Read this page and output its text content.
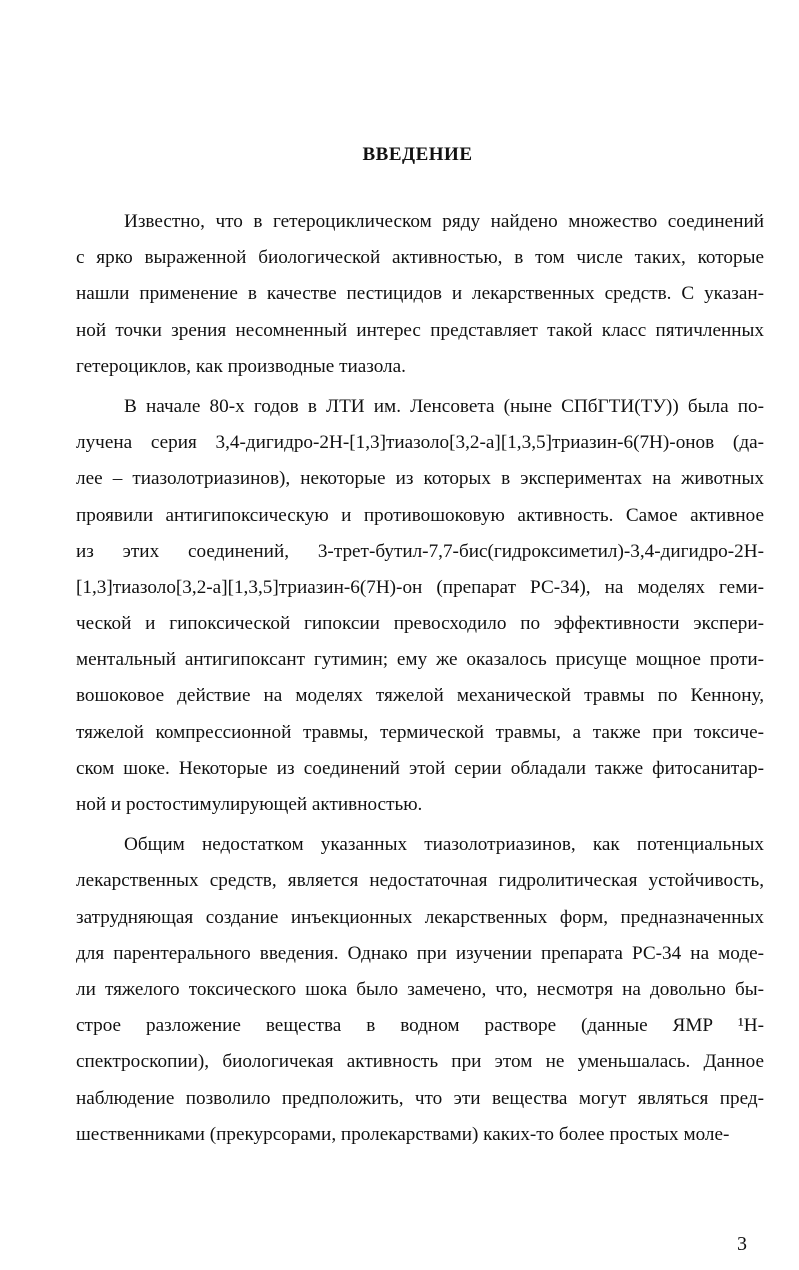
ВВЕДЕНИЕ
Известно, что в гетероциклическом ряду найдено множество соединений
с ярко выраженной биологической активностью, в том числе таких, которые
нашли применение в качестве пестицидов и лекарственных средств. С указан-
ной точки зрения несомненный интерес представляет такой класс пятичленных
гетероциклов, как производные тиазола.
В начале 80-х годов в ЛТИ им. Ленсовета (ныне СПбГТИ(ТУ)) была по-
лучена серия 3,4-дигидро-2H-[1,3]тиазоло[3,2-a][1,3,5]триазин-6(7H)-онов (да-
лее – тиазолотриазинов), некоторые из которых в экспериментах на животных
проявили антигипоксическую и противошоковую активность. Самое активное
из этих соединений, 3-трет-бутил-7,7-бис(гидроксиметил)-3,4-дигидро-2H-
[1,3]тиазоло[3,2-a][1,3,5]триазин-6(7H)-он (препарат РС-34), на моделях геми-
ческой и гипоксической гипоксии превосходило по эффективности экспери-
ментальный антигипоксант гутимин; ему же оказалось присуще мощное проти-
вошоковое действие на моделях тяжелой механической травмы по Кеннону,
тяжелой компрессионной травмы, термической травмы, а также при токсиче-
ском шоке. Некоторые из соединений этой серии обладали также фитосанитар-
ной и ростостимулирующей активностью.
Общим недостатком указанных тиазолотриазинов, как потенциальных
лекарственных средств, является недостаточная гидролитическая устойчивость,
затрудняющая создание инъекционных лекарственных форм, предназначенных
для парентерального введения. Однако при изучении препарата РС-34 на моде-
ли тяжелого токсического шока было замечено, что, несмотря на довольно бы-
строе разложение вещества в водном растворе (данные ЯМР ¹H-
спектроскопии), биологичекая активность при этом не уменьшалась. Данное
наблюдение позволило предположить, что эти вещества могут являться пред-
шественниками (прекурсорами, пролекарствами) каких-то более простых моле-
3
